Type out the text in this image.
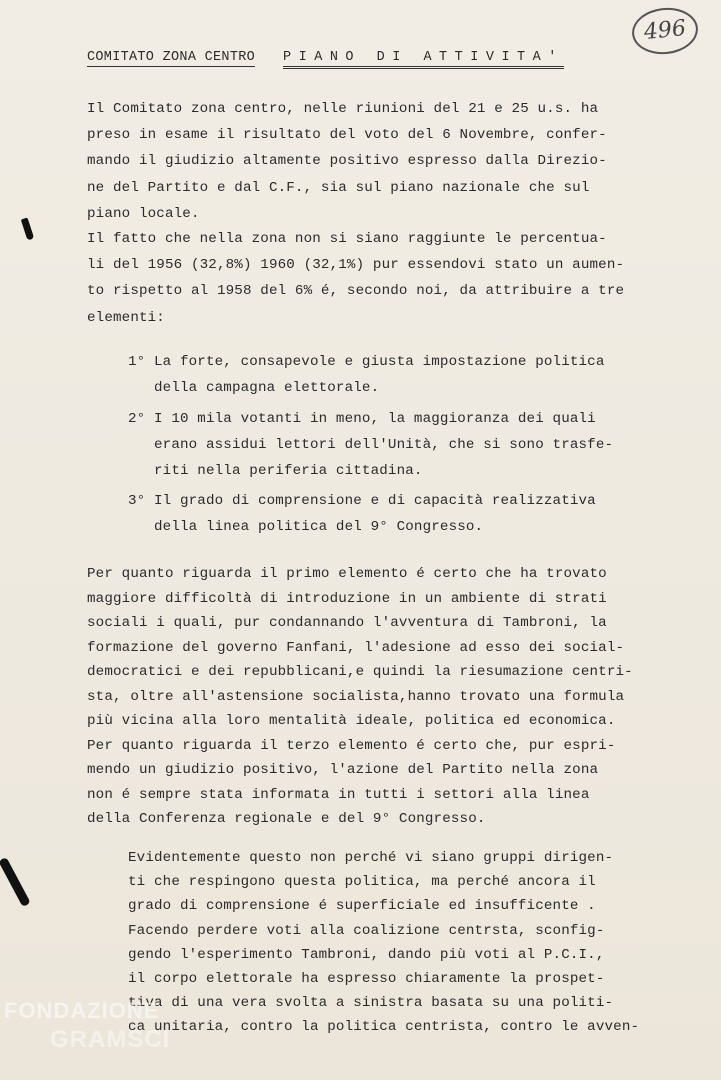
496
COMITATO ZONA CENTRO PIANO DI ATTIVITA'
Il Comitato zona centro, nelle riunioni del 21 e 25 u.s. ha
preso in esame il risultato del voto del 6 Novembre, confer-
mando il giudizio altamente positivo espresso dalla Direzio-
ne del Partito e dal C.F., sia sul piano nazionale che sul
piano locale.
Il fatto che nella zona non si siano raggiunte le percentua-
li del 1956 (32,8%) 1960 (32,1%) pur essendovi stato un aumen-
to rispetto al 1958 del 6% é, secondo noi, da attribuire a tre
elementi:
1° La forte, consapevole e giusta impostazione politica
della campagna elettorale.
2° I 10 mila votanti in meno, la maggioranza dei quali
erano assidui lettori dell'Unità, che si sono trasfe-
riti nella periferia cittadina.
3° Il grado di comprensione e di capacità realizzativa
della linea politica del 9° Congresso.
Per quanto riguarda il primo elemento é certo che ha trovato
maggiore difficoltà di introduzione in un ambiente di strati
sociali i quali, pur condannando l'avventura di Tambroni, la
formazione del governo Fanfani, l'adesione ad esso dei social-
democratici e dei repubblicani,e quindi la riesumazione centri-
sta, oltre all'astensione socialista,hanno trovato una formula
più vicina alla loro mentalità ideale, politica ed economica.
Per quanto riguarda il terzo elemento é certo che, pur espri-
mendo un giudizio positivo, l'azione del Partito nella zona
non é sempre stata informata in tutti i settori alla linea
della Conferenza regionale e del 9° Congresso.
Evidentemente questo non perché vi siano gruppi dirigen-
ti che respingono questa politica, ma perché ancora il
grado di comprensione é superficiale ed insufficente .
Facendo perdere voti alla coalizione centrsta, sconfig-
gendo l'esperimento Tambroni, dando più voti al P.C.I.,
il corpo elettorale ha espresso chiaramente la prospet-
tiva di una vera svolta a sinistra basata su una politi-
ca unitaria, contro la politica centrista, contro le avven-
FONDAZIONE
GRAMSCI
